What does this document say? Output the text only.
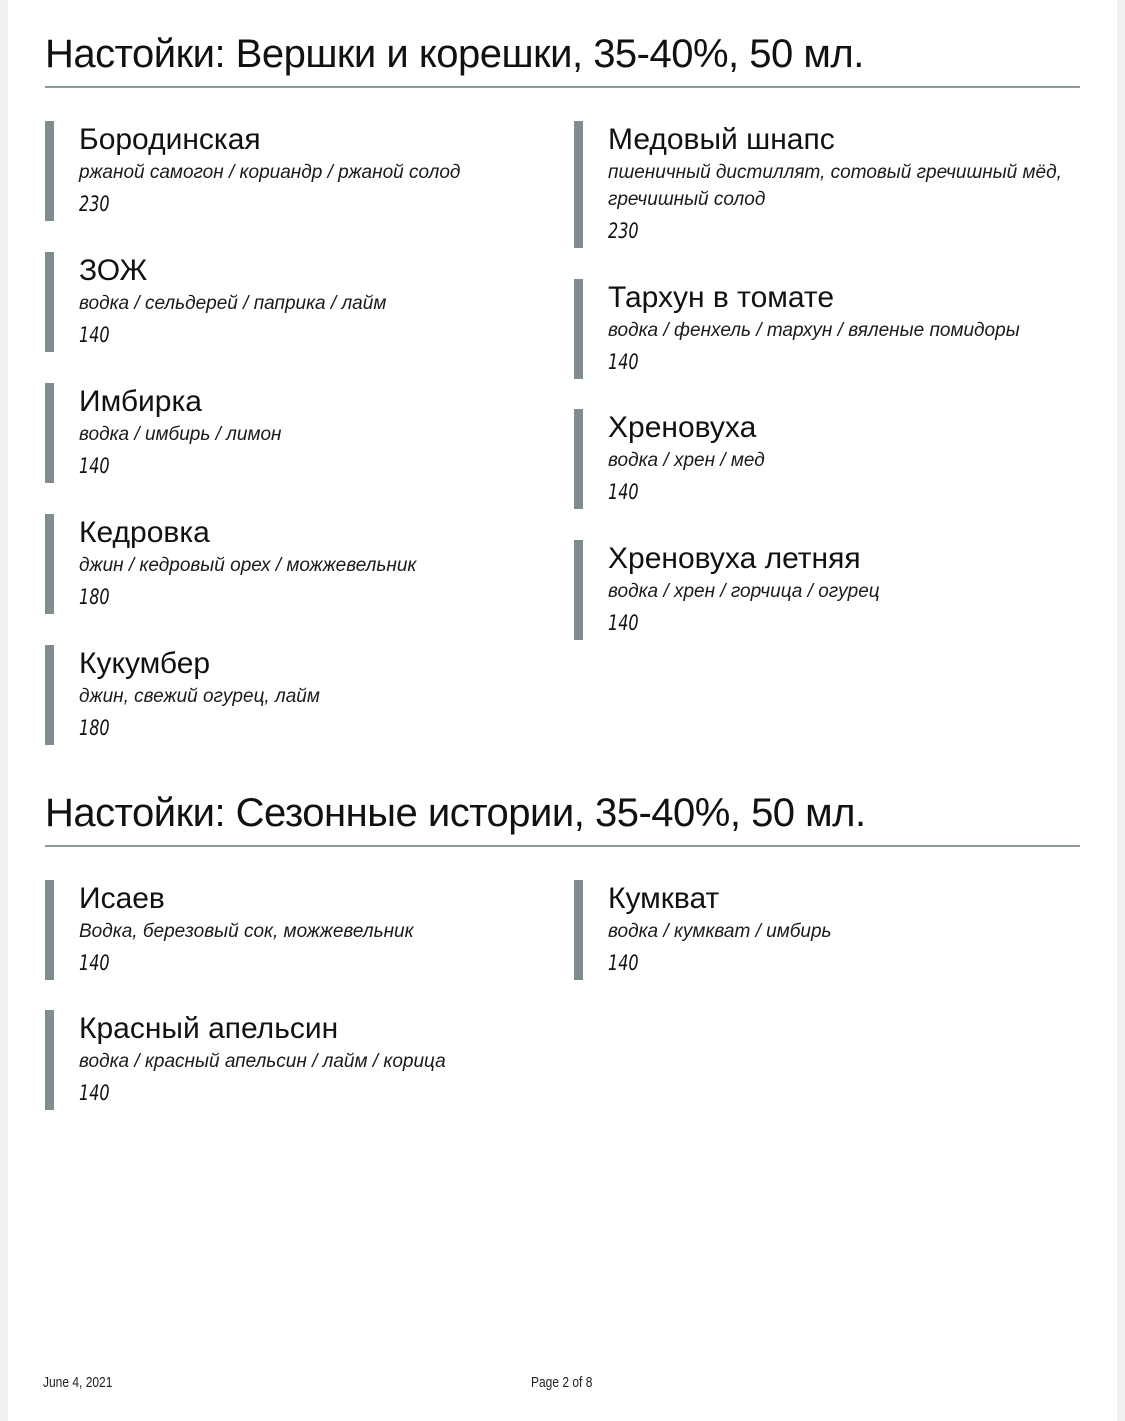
Настойки: Вершки и корешки, 35-40%, 50 мл.
Бородинская
ржаной самогон / кориандр / ржаной солод
230
ЗОЖ
водка / сельдерей / паприка / лайм
140
Имбирка
водка / имбирь / лимон
140
Кедровка
джин / кедровый орех / можжевельник
180
Кукумбер
джин, свежий огурец, лайм
180
Медовый шнапс
пшеничный дистиллят, сотовый гречишный мёд, гречишный солод
230
Тархун в томате
водка / фенхель / тархун / вяленые помидоры
140
Хреновуха
водка / хрен / мед
140
Хреновуха летняя
водка / хрен / горчица / огурец
140
Настойки: Сезонные истории, 35-40%, 50 мл.
Исаев
Водка, березовый сок, можжевельник
140
Красный апельсин
водка / красный апельсин / лайм / корица
140
Кумкват
водка / кумкват / имбирь
140
June 4, 2021	Page 2 of 8
